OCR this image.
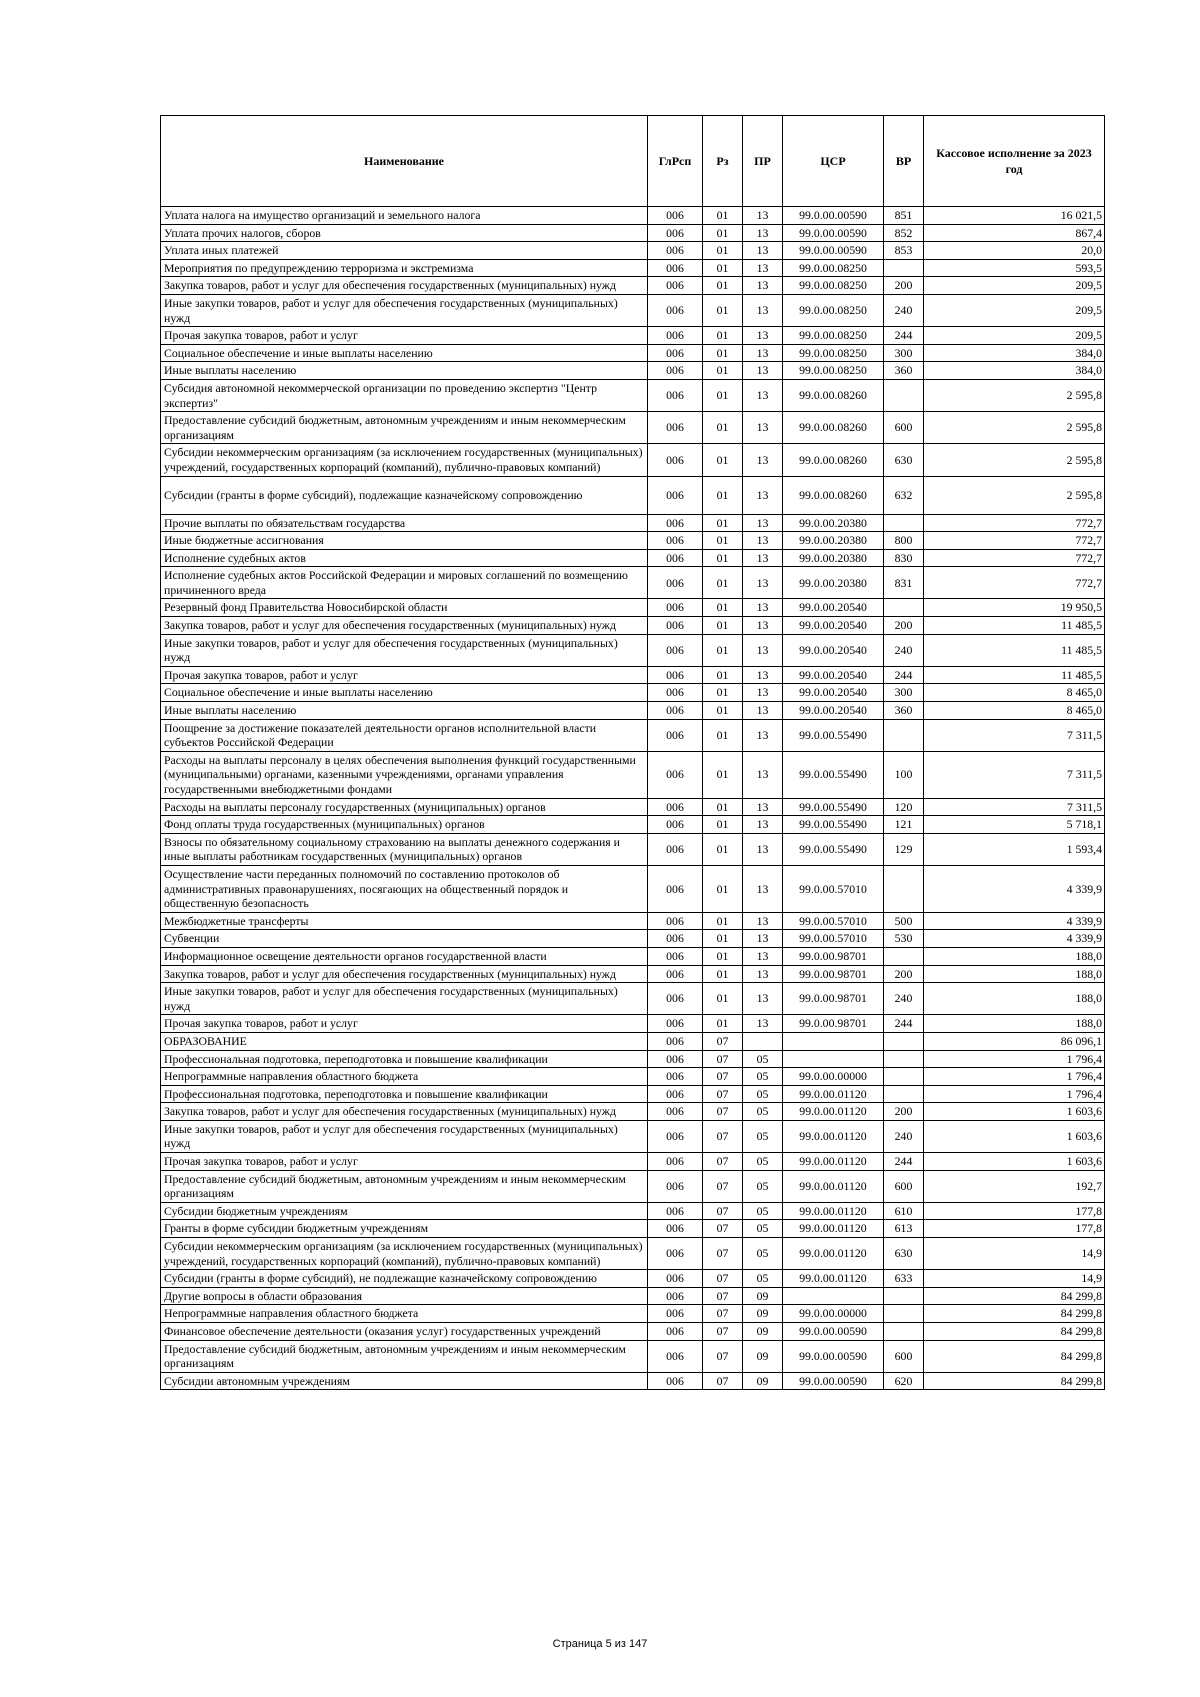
Наименование	ГлРсп	Рз	ПР	ЦСР	ВР	Кассовое исполнение за 2023 год
Уплата налога на имущество организаций и земельного налога	006	01	13	99.0.00.00590	851	16 021,5
Уплата прочих налогов, сборов	006	01	13	99.0.00.00590	852	867,4
Уплата иных платежей	006	01	13	99.0.00.00590	853	20,0
Мероприятия по предупреждению терроризма и экстремизма	006	01	13	99.0.00.08250		593,5
Закупка товаров, работ и услуг для обеспечения государственных (муниципальных) нужд	006	01	13	99.0.00.08250	200	209,5
Иные закупки товаров, работ и услуг для обеспечения государственных (муниципальных) нужд	006	01	13	99.0.00.08250	240	209,5
Прочая закупка товаров, работ и услуг	006	01	13	99.0.00.08250	244	209,5
Социальное обеспечение и иные выплаты населению	006	01	13	99.0.00.08250	300	384,0
Иные выплаты населению	006	01	13	99.0.00.08250	360	384,0
Субсидия автономной некоммерческой организации по проведению экспертиз "Центр экспертиз"	006	01	13	99.0.00.08260		2 595,8
Предоставление субсидий бюджетным, автономным учреждениям и иным некоммерческим организациям	006	01	13	99.0.00.08260	600	2 595,8
Субсидии некоммерческим организациям (за исключением государственных (муниципальных) учреждений, государственных корпораций (компаний), публично-правовых компаний)	006	01	13	99.0.00.08260	630	2 595,8
Субсидии (гранты в форме субсидий), подлежащие казначейскому сопровождению	006	01	13	99.0.00.08260	632	2 595,8
Прочие выплаты по обязательствам государства	006	01	13	99.0.00.20380		772,7
Иные бюджетные ассигнования	006	01	13	99.0.00.20380	800	772,7
Исполнение судебных актов	006	01	13	99.0.00.20380	830	772,7
Исполнение судебных актов Российской Федерации и мировых соглашений по возмещению причиненного вреда	006	01	13	99.0.00.20380	831	772,7
Резервный фонд Правительства Новосибирской области	006	01	13	99.0.00.20540		19 950,5
Закупка товаров, работ и услуг для обеспечения государственных (муниципальных) нужд	006	01	13	99.0.00.20540	200	11 485,5
Иные закупки товаров, работ и услуг для обеспечения государственных (муниципальных) нужд	006	01	13	99.0.00.20540	240	11 485,5
Прочая закупка товаров, работ и услуг	006	01	13	99.0.00.20540	244	11 485,5
Социальное обеспечение и иные выплаты населению	006	01	13	99.0.00.20540	300	8 465,0
Иные выплаты населению	006	01	13	99.0.00.20540	360	8 465,0
Поощрение за достижение показателей деятельности органов исполнительной власти субъектов Российской Федерации	006	01	13	99.0.00.55490		7 311,5
Расходы на выплаты персоналу в целях обеспечения выполнения функций государственными (муниципальными) органами, казенными учреждениями, органами управления государственными внебюджетными фондами	006	01	13	99.0.00.55490	100	7 311,5
Расходы на выплаты персоналу государственных (муниципальных) органов	006	01	13	99.0.00.55490	120	7 311,5
Фонд оплаты труда государственных (муниципальных) органов	006	01	13	99.0.00.55490	121	5 718,1
Взносы по обязательному социальному страхованию на выплаты денежного содержания и иные выплаты работникам государственных (муниципальных) органов	006	01	13	99.0.00.55490	129	1 593,4
Осуществление части переданных полномочий по составлению протоколов об административных правонарушениях, посягающих на общественный порядок и общественную безопасность	006	01	13	99.0.00.57010		4 339,9
Межбюджетные трансферты	006	01	13	99.0.00.57010	500	4 339,9
Субвенции	006	01	13	99.0.00.57010	530	4 339,9
Информационное освещение деятельности органов государственной власти	006	01	13	99.0.00.98701		188,0
Закупка товаров, работ и услуг для обеспечения государственных (муниципальных) нужд	006	01	13	99.0.00.98701	200	188,0
Иные закупки товаров, работ и услуг для обеспечения государственных (муниципальных) нужд	006	01	13	99.0.00.98701	240	188,0
Прочая закупка товаров, работ и услуг	006	01	13	99.0.00.98701	244	188,0
ОБРАЗОВАНИЕ	006	07				86 096,1
Профессиональная подготовка, переподготовка и повышение квалификации	006	07	05			1 796,4
Непрограммные направления областного бюджета	006	07	05	99.0.00.00000		1 796,4
Профессиональная подготовка, переподготовка и повышение квалификации	006	07	05	99.0.00.01120		1 796,4
Закупка товаров, работ и услуг для обеспечения государственных (муниципальных) нужд	006	07	05	99.0.00.01120	200	1 603,6
Иные закупки товаров, работ и услуг для обеспечения государственных (муниципальных) нужд	006	07	05	99.0.00.01120	240	1 603,6
Прочая закупка товаров, работ и услуг	006	07	05	99.0.00.01120	244	1 603,6
Предоставление субсидий бюджетным, автономным учреждениям и иным некоммерческим организациям	006	07	05	99.0.00.01120	600	192,7
Субсидии бюджетным учреждениям	006	07	05	99.0.00.01120	610	177,8
Гранты в форме субсидии бюджетным учреждениям	006	07	05	99.0.00.01120	613	177,8
Субсидии некоммерческим организациям (за исключением государственных (муниципальных) учреждений, государственных корпораций (компаний), публично-правовых компаний)	006	07	05	99.0.00.01120	630	14,9
Субсидии (гранты в форме субсидий), не подлежащие казначейскому сопровождению	006	07	05	99.0.00.01120	633	14,9
Другие вопросы в области образования	006	07	09			84 299,8
Непрограммные направления областного бюджета	006	07	09	99.0.00.00000		84 299,8
Финансовое обеспечение деятельности (оказания услуг) государственных учреждений	006	07	09	99.0.00.00590		84 299,8
Предоставление субсидий бюджетным, автономным учреждениям и иным некоммерческим организациям	006	07	09	99.0.00.00590	600	84 299,8
Субсидии автономным учреждениям	006	07	09	99.0.00.00590	620	84 299,8
Страница 5 из 147
